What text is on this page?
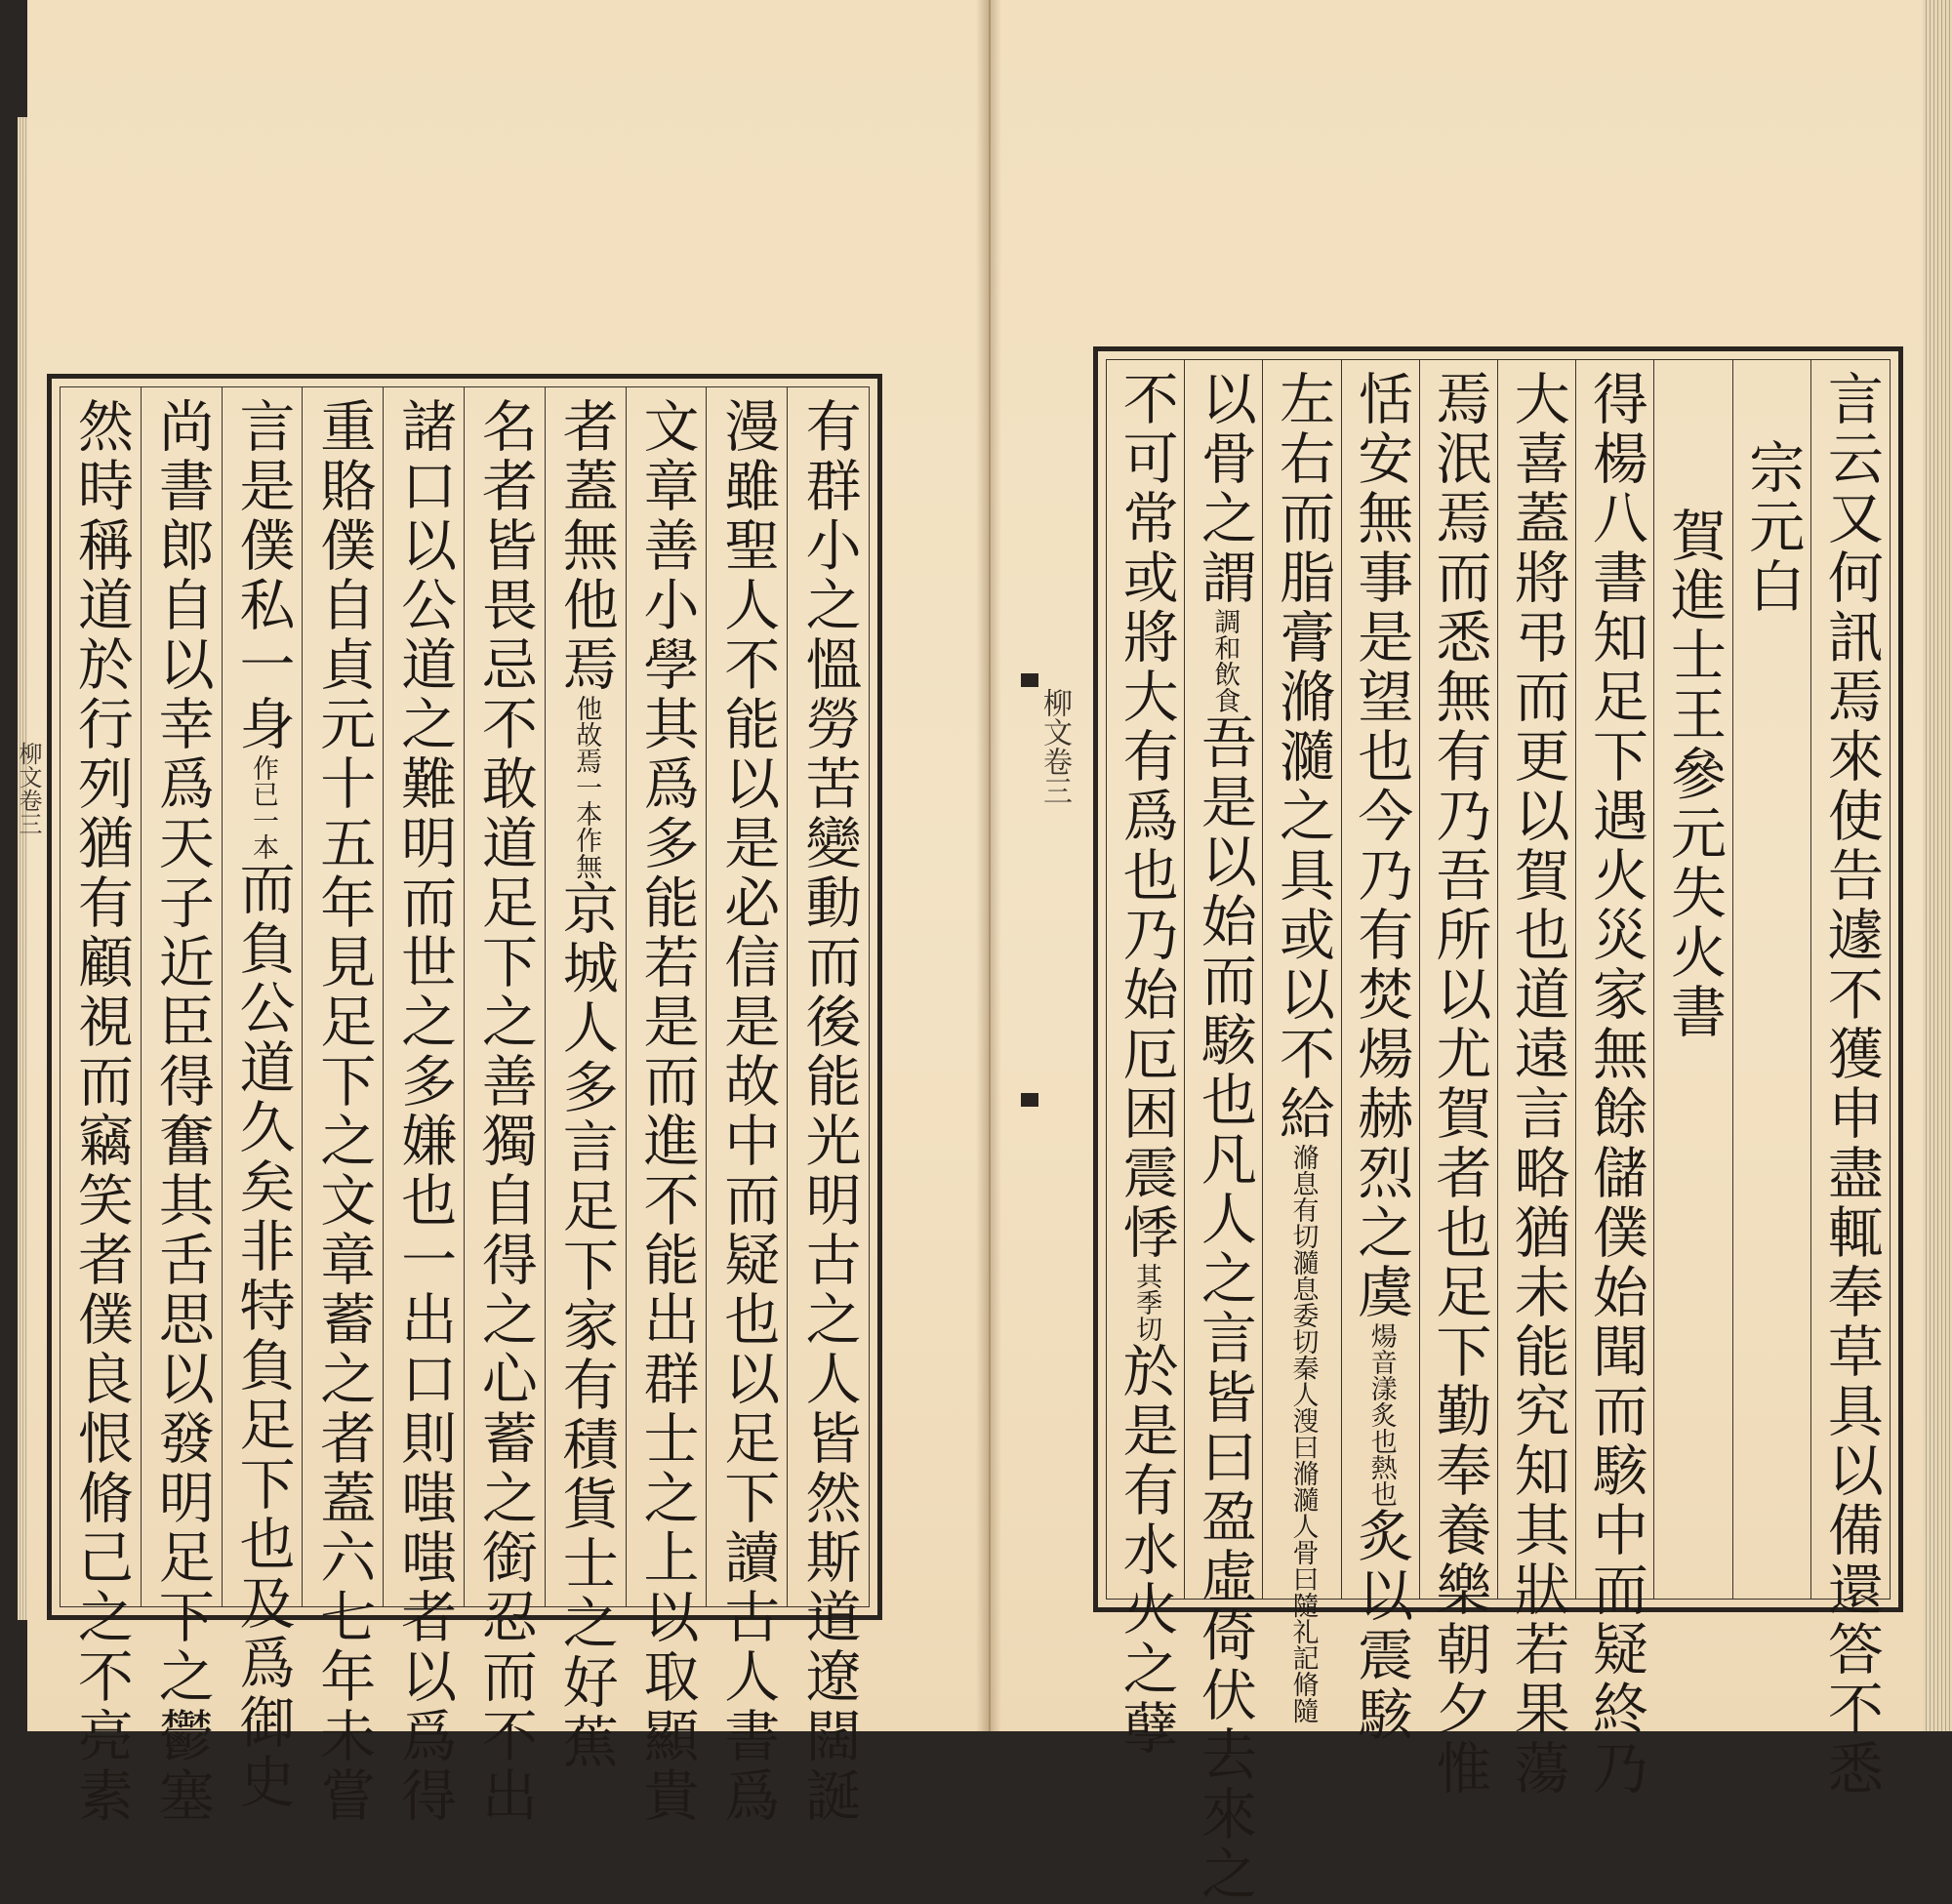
有群小之慍勞苦變動而後能光明古之人皆然斯道遼闊誕
漫雖聖人不能以是必信是故中而疑也以足下讀古人書爲
文章善小學其爲多能若是而進不能出群士之上以取顯貴
者蓋無他焉他故焉一本作無京城人多言足下家有積貨士之好蕉
名者皆畏忌不敢道足下之善獨自得之心蓄之銜忍而不出
諸口以公道之難明而世之多嫌也一出口則嗤嗤者以爲得
重賂僕自貞元十五年見足下之文章蓄之者蓋六七年未嘗
言是僕私一身作已一本而負公道久矣非特負足下也及爲御史
尚書郎自以幸爲天子近臣得奮其舌思以發明足下之鬱塞
然時稱道於行列猶有顧視而竊笑者僕良恨脩己之不亮素	言云又何訊焉來使告遽不獲申盡輒奉草具以備還答不悉
宗元白
賀進士王參元失火書
得楊八書知足下遇火災家無餘儲僕始聞而駭中而疑終乃
大喜蓋將弔而更以賀也道遠言略猶未能究知其狀若果蕩
焉泯焉而悉無有乃吾所以尤賀者也足下勤奉養樂朝夕惟
恬安無事是望也今乃有焚煬赫烈之虞煬音漾炙也熱也炙以震駭
左右而脂膏滫瀡之具或以不給滫息有切瀡息委切秦人溲曰滫瀡人骨曰隨礼記脩隨
以骨之謂調和飲食吾是以始而駭也凡人之言皆曰盈虛倚伏去來之
不可常或將大有爲也乃始厄困震悸其季切於是有水火之孽
柳文卷三
柳文卷三
